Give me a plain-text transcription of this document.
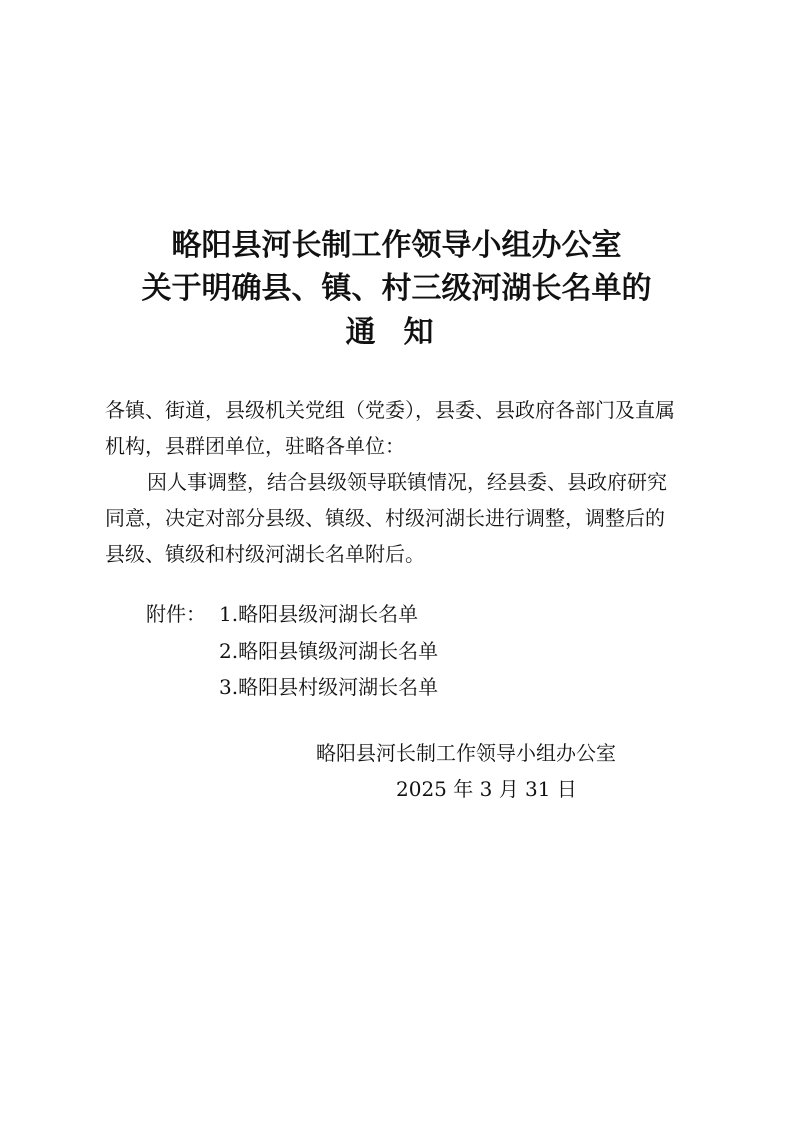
略阳县河长制工作领导小组办公室
关于明确县、镇、村三级河湖长名单的
通知
各镇、街道，县级机关党组（党委），县委、县政府各部门及直属
机构，县群团单位，驻略各单位：
因人事调整，结合县级领导联镇情况，经县委、县政府研究
同意，决定对部分县级、镇级、村级河湖长进行调整，调整后的
县级、镇级和村级河湖长名单附后。
附件： 1.略阳县级河湖长名单
2.略阳县镇级河湖长名单
3.略阳县村级河湖长名单
略阳县河长制工作领导小组办公室
2025 年 3 月 31 日
